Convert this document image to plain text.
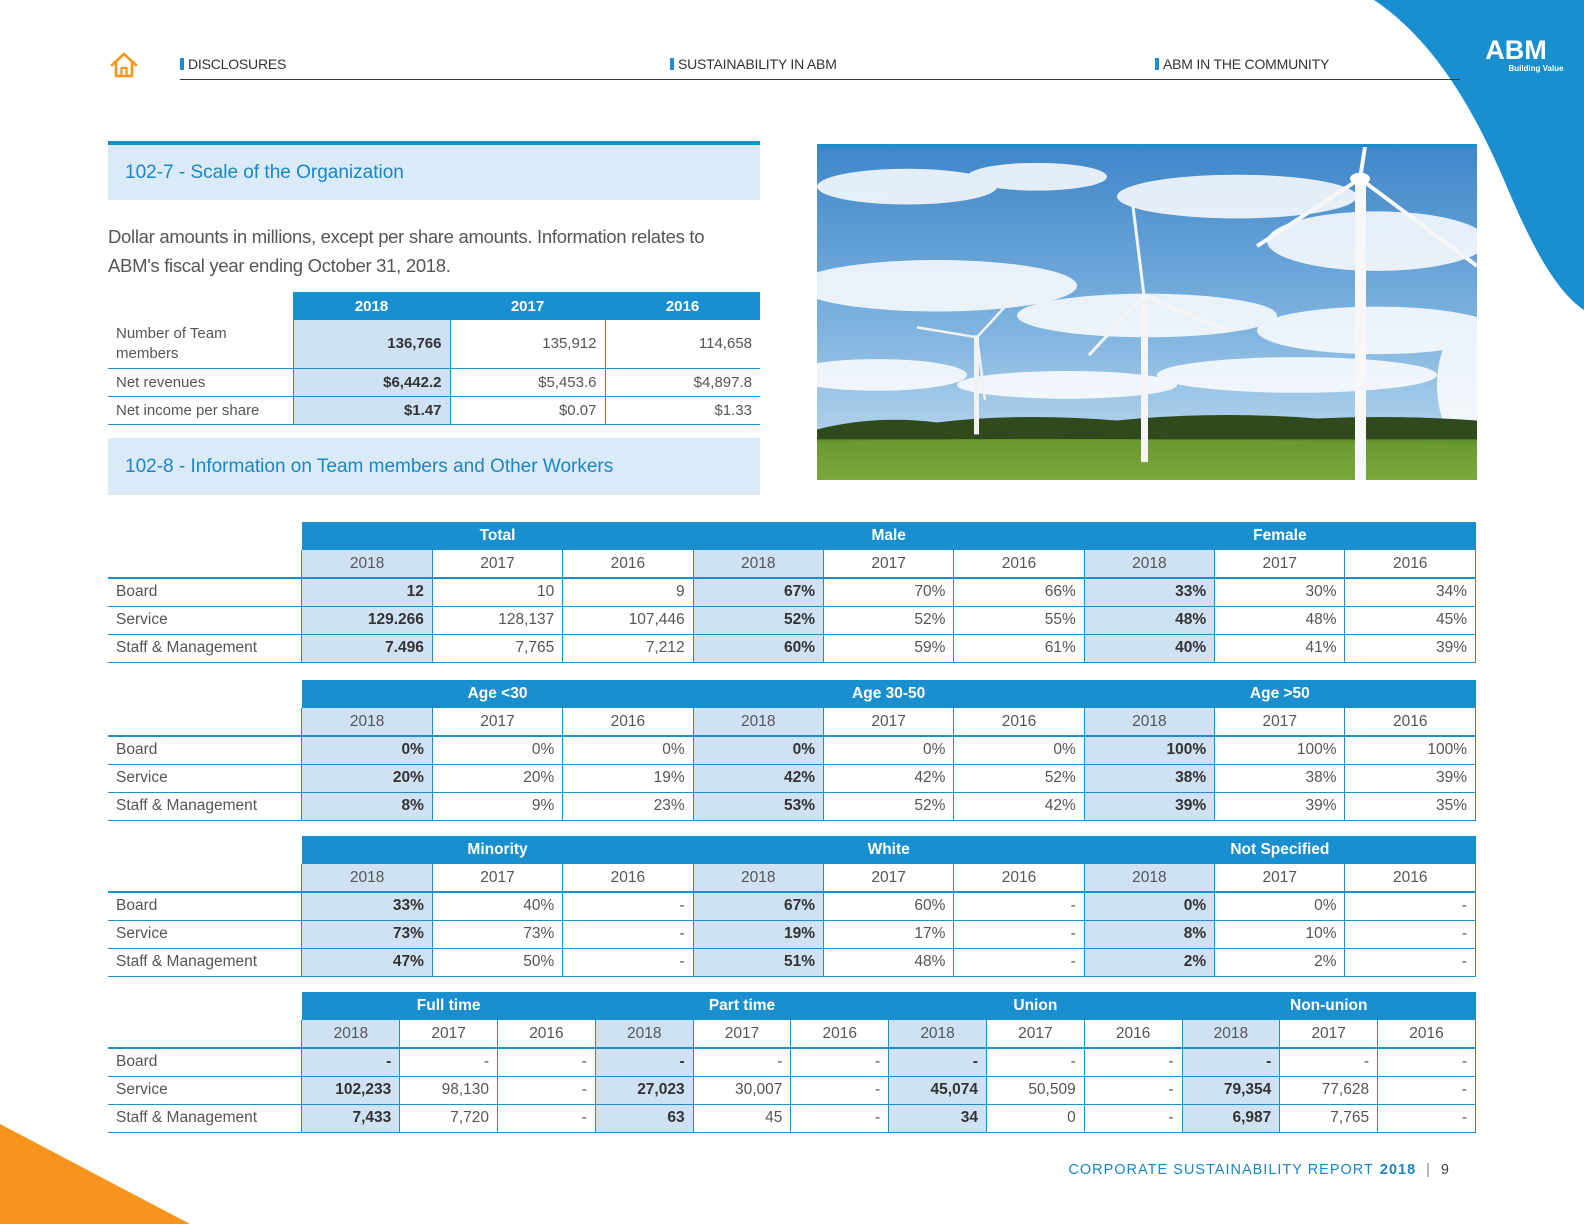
ABM
Building Value
DISCLOSURES	SUSTAINABILITY IN ABM	ABM IN THE COMMUNITY
102-7 - Scale of the Organization
Dollar amounts in millions, except per share amounts. Information relates to ABM's fiscal year ending October 31, 2018.
	2018	2017	2016
Number of Team members	136,766	135,912	114,658
Net revenues	$6,442.2	$5,453.6	$4,897.8
Net income per share	$1.47	$0.07	$1.33
102-8 - Information on Team members and Other Workers
	Total			Male			Female		
	2018	2017	2016	2018	2017	2016	2018	2017	2016
Board	12	10	9	67%	70%	66%	33%	30%	34%
Service	129.266	128,137	107,446	52%	52%	55%	48%	48%	45%
Staff & Management	7.496	7,765	7,212	60%	59%	61%	40%	41%	39%
	Age <30			Age 30-50			Age >50		
	2018	2017	2016	2018	2017	2016	2018	2017	2016
Board	0%	0%	0%	0%	0%	0%	100%	100%	100%
Service	20%	20%	19%	42%	42%	52%	38%	38%	39%
Staff & Management	8%	9%	23%	53%	52%	42%	39%	39%	35%
	Minority			White			Not Specified		
	2018	2017	2016	2018	2017	2016	2018	2017	2016
Board	33%	40%	-	67%	60%	-	0%	0%	-
Service	73%	73%	-	19%	17%	-	8%	10%	-
Staff & Management	47%	50%	-	51%	48%	-	2%	2%	-
	Full time			Part time			Union			Non-union		
	2018	2017	2016	2018	2017	2016	2018	2017	2016	2018	2017	2016
Board	-	-	-	-	-	-	-	-	-	-	-	-
Service	102,233	98,130	-	27,023	30,007	-	45,074	50,509	-	79,354	77,628	-
Staff & Management	7,433	7,720	-	63	45	-	34	0	-	6,987	7,765	-
CORPORATE SUSTAINABILITY REPORT 2018 | 9
